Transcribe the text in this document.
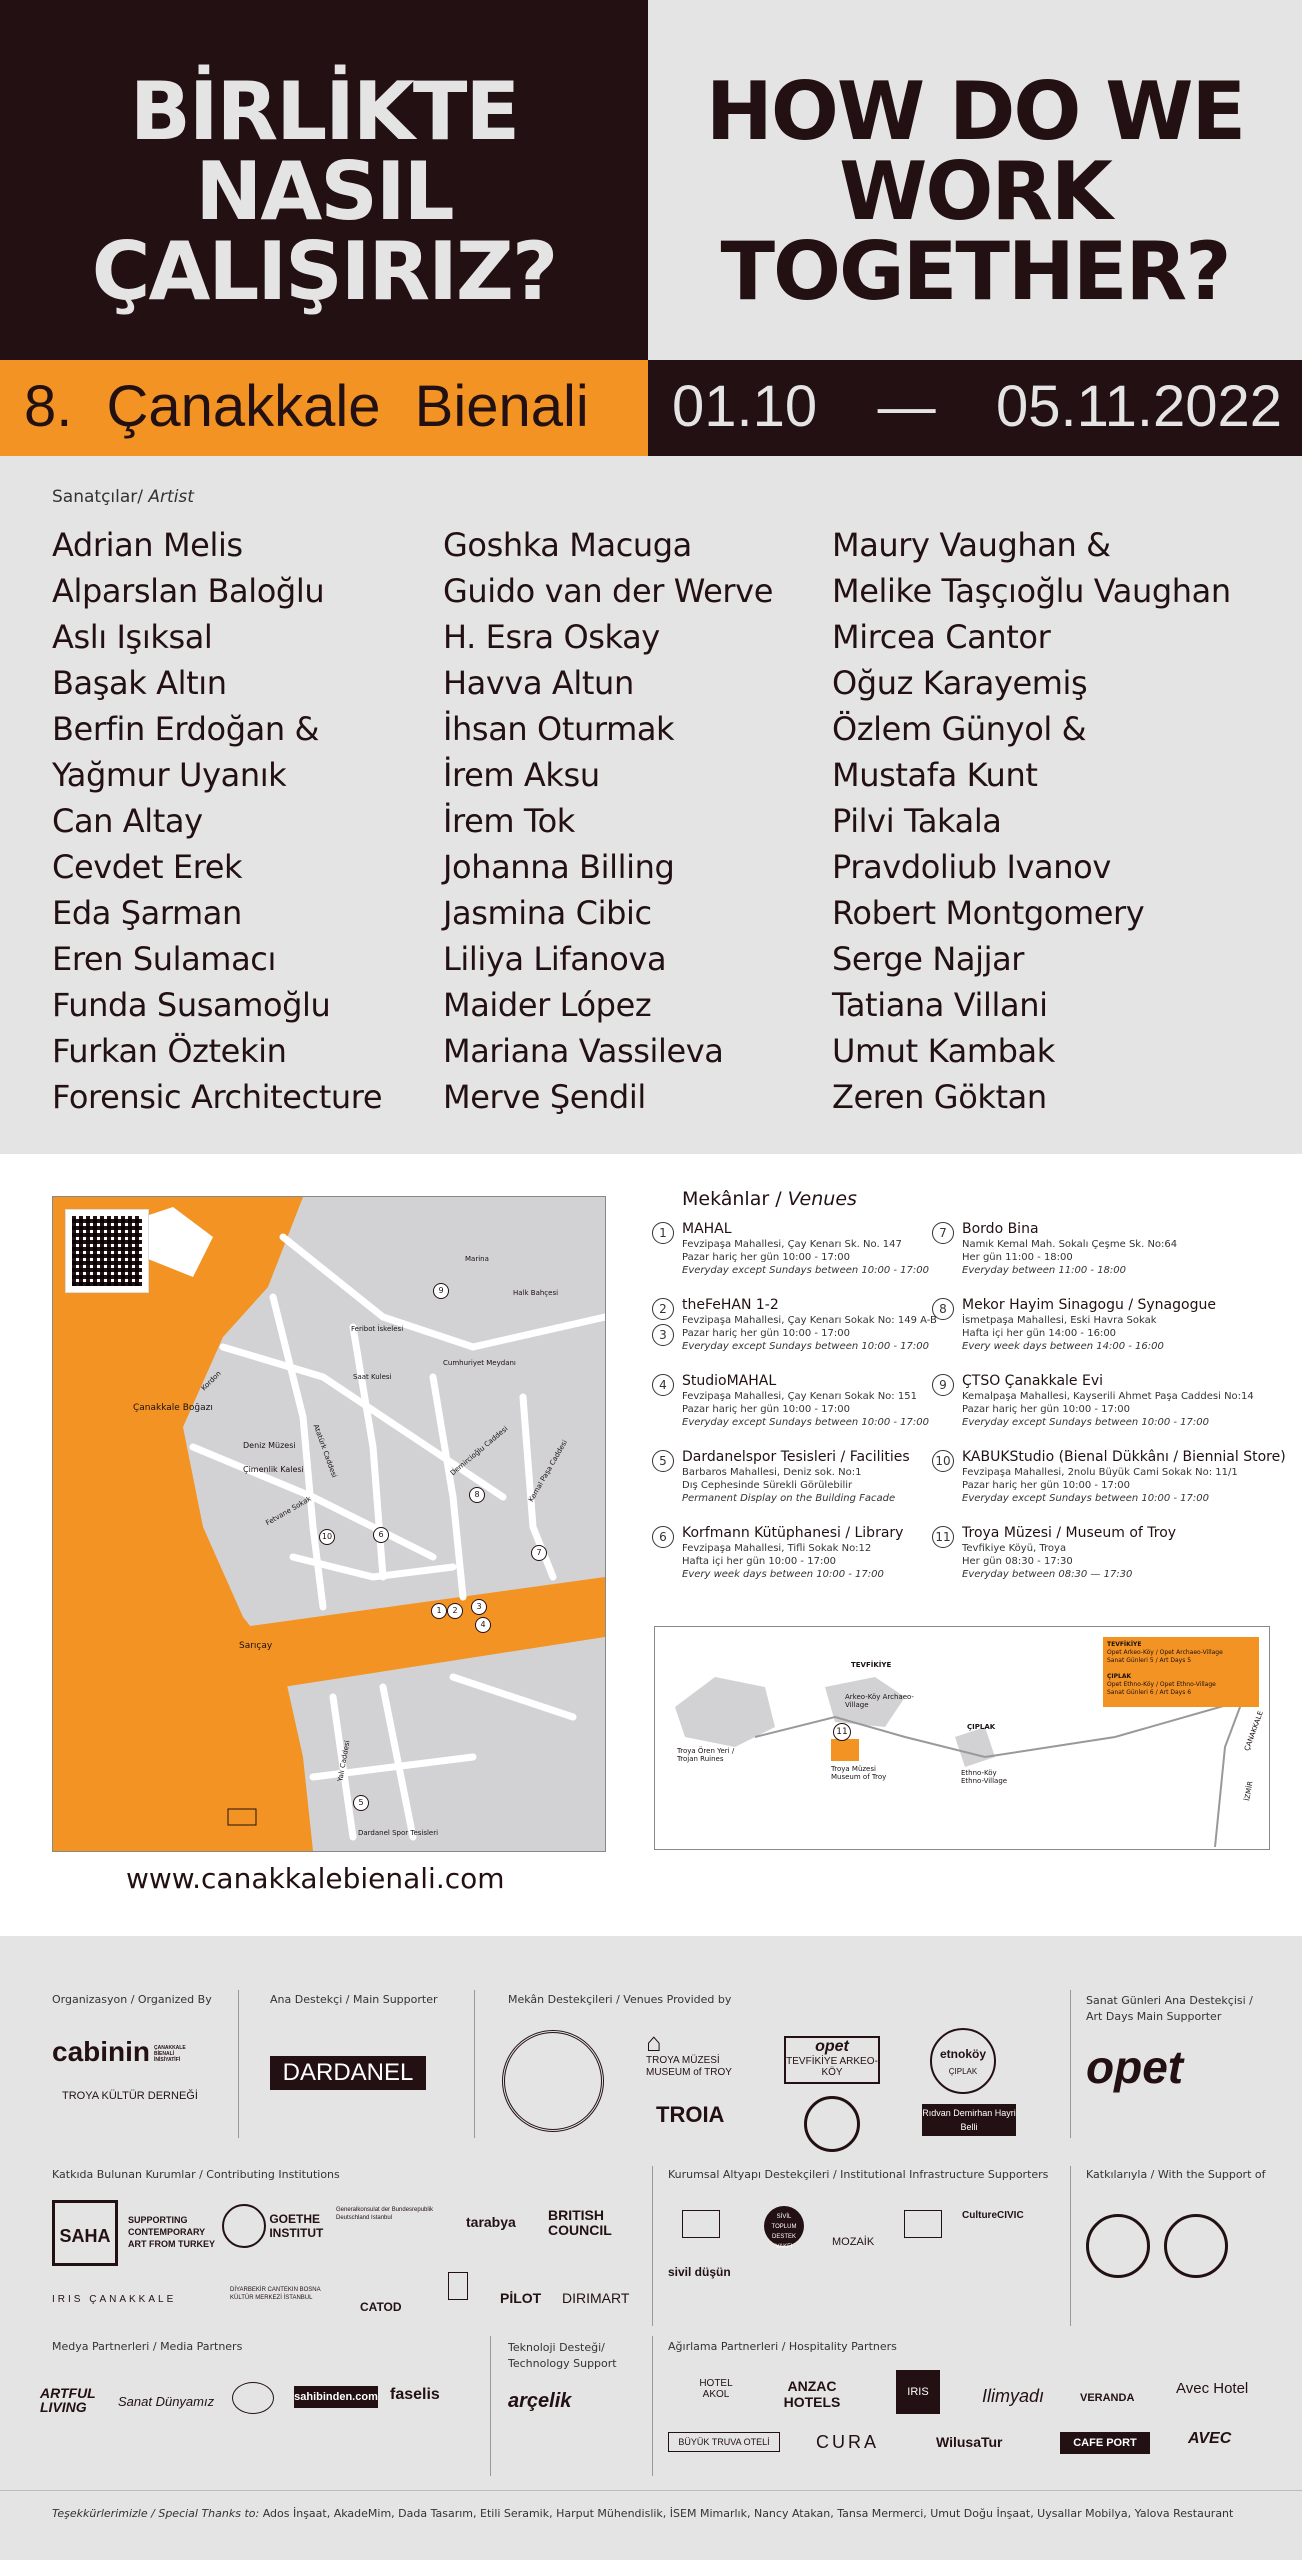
BİRLİKTE
NASIL
ÇALIŞIRIZ?
HOW DO WE
WORK
TOGETHER?
8. Çanakkale Bienali 01.10 — 05.11.2022
Sanatçılar/ Artist
Adrian Melis
Alparslan Baloğlu
Aslı Işıksal
Başak Altın
Berfin Erdoğan &
Yağmur Uyanık
Can Altay
Cevdet Erek
Eda Şarman
Eren Sulamacı
Funda Susamoğlu
Furkan Öztekin
Forensic Architecture
Goshka Macuga
Guido van der Werve
H. Esra Oskay
Havva Altun
İhsan Oturmak
İrem Aksu
İrem Tok
Johanna Billing
Jasmina Cibic
Liliya Lifanova
Maider López
Mariana Vassileva
Merve Şendil
Maury Vaughan &
Melike Taşçıoğlu Vaughan
Mircea Cantor
Oğuz Karayemiş
Özlem Günyol &
Mustafa Kunt
Pilvi Takala
Pravdoliub Ivanov
Robert Montgomery
Serge Najjar
Tatiana Villani
Umut Kambak
Zeren Göktan
Çanakkale Boğazı
Deniz Müzesi
Çimenlik Kalesi
Sarıçay
Kordon	Saat Kulesi
Cumhuriyet Meydanı
Halk Bahçesi
Marina
Feribot İskelesi
Dardanel Spor Tesisleri
Yalı Caddesi
Fetvane Sokak
Demircioğlu Caddesi
Atatürk Caddesi	Kemal Paşa Caddesi
9
8
7
6
10
1	2	3
4
5
www.canakkalebienali.com
Mekânlar / Venues
1	MAHAL
Fevzipaşa Mahallesi, Çay Kenarı Sk. No. 147
Pazar hariç her gün 10:00 - 17:00
Everyday except Sundays between 10:00 - 17:00
2
3
theFeHAN 1-2
Fevzipaşa Mahallesi, Çay Kenarı Sokak No: 149 A-B
Pazar hariç her gün 10:00 - 17:00
Everyday except Sundays between 10:00 - 17:00
4	StudioMAHAL
Fevzipaşa Mahallesi, Çay Kenarı Sokak No: 151
Pazar hariç her gün 10:00 - 17:00
Everyday except Sundays between 10:00 - 17:00
5	Dardanelspor Tesisleri / Facilities
Barbaros Mahallesi, Deniz sok. No:1
Dış Cephesinde Sürekli Görülebilir
Permanent Display on the Building Facade
6	Korfmann Kütüphanesi / Library
Fevzipaşa Mahallesi, Tifli Sokak No:12
Hafta içi her gün 10:00 - 17:00
Every week days between 10:00 - 17:00
7	Bordo Bina
Namık Kemal Mah. Sokalı Çeşme Sk. No:64
Her gün 11:00 - 18:00
Everyday between 11:00 - 18:00
8	Mekor Hayim Sinagogu / Synagogue
İsmetpaşa Mahallesi, Eski Havra Sokak
Hafta içi her gün 14:00 - 16:00
Every week days between 14:00 - 16:00
9	ÇTSO Çanakkale Evi
Kemalpaşa Mahallesi, Kayserili Ahmet Paşa Caddesi No:14
Pazar hariç her gün 10:00 - 17:00
Everyday except Sundays between 10:00 - 17:00
10 KABUKStudio (Bienal Dükkânı / Biennial Store)
Fevzipaşa Mahallesi, 2nolu Büyük Cami Sokak No: 11/1
Pazar hariç her gün 10:00 - 17:00
Everyday except Sundays between 10:00 - 17:00
11 Troya Müzesi / Museum of Troy
Tevfikiye Köyü, Troya
Her gün 08:30 - 17:30
Everyday between 08:30 — 17:30
TEVFİKİYE
Opet Arkeo-Köy / Opet Archaeo-Village
Sanat Günleri 5 / Art Days 5

ÇIPLAK
Opet Ethno-Köy / Opet Ethno-Village
Sanat Günleri 6 / Art Days 6
Troya Ören Yeri / Trojan Ruines
TEVFİKİYE
Arkeo-Köy Archaeo-Village
Troya Müzesi Museum of Troy
ÇIPLAK
Ethno-Köy Ethno-Village
ÇANAKKALE
İZMİR
11
Organizasyon / Organized By	Ana Destekçi / Main Supporter	Mekân Destekçileri / Venues Provided by	Sanat Günleri Ana Destekçisi /
Art Days Main Supporter
cabinin ÇANAKKALE BİENALİ İNİSİYATİFİ
TROYA KÜLTÜR DERNEĞİ
DARDANEL
⌂
TROYA MÜZESİ
MUSEUM of TROY
opet
TEVFİKİYE ARKEO-KÖY

etnoköy
ÇIPLAK
TROIA	Rıdvan Demirhan Hayri Belli
opet
Katkıda Bulunan Kurumlar / Contributing Institutions	Kurumsal Altyapı Destekçileri / Institutional Infrastructure Supporters	Katkılarıyla / With the Support of
SAHA
SUPPORTING CONTEMPORARY ART FROM TURKEY
GOETHE INSTITUT
Generalkonsulat der Bundesrepublik Deutschland Istanbul	tarabya BRITISH COUNCIL
IRIS ÇANAKKALE
DİYARBEKİR CANTEKIN BOSNA KÜLTÜR MERKEZİ İSTANBUL
CATOD
PİLOT DIRIMART
SİVİL TOPLUM DESTEK VAKFI	MOZAİK
CultureCIVIC
sivil düşün
Medya Partnerleri / Media Partners	Teknoloji Desteği/
Technology Support
Ağırlama Partnerleri / Hospitality Partners
ARTFUL LIVING	Sanat Dünyamız	sahibinden.com faselis	arçelik
HOTEL AKOL
ANZAC HOTELS
IRIS	Ilimyadı	VERANDA
Avec Hotel
BÜYÜK TRUVA OTELİ	CURA	WilusaTur	CAFE PORT	AVEC
Teşekkürlerimizle / Special Thanks to: Ados İnşaat, AkadeMim, Dada Tasarım, Etili Seramik, Harput Mühendislik, İSEM Mimarlık, Nancy Atakan, Tansa Mermerci, Umut Doğu İnşaat, Uysallar Mobilya, Yalova Restaurant
